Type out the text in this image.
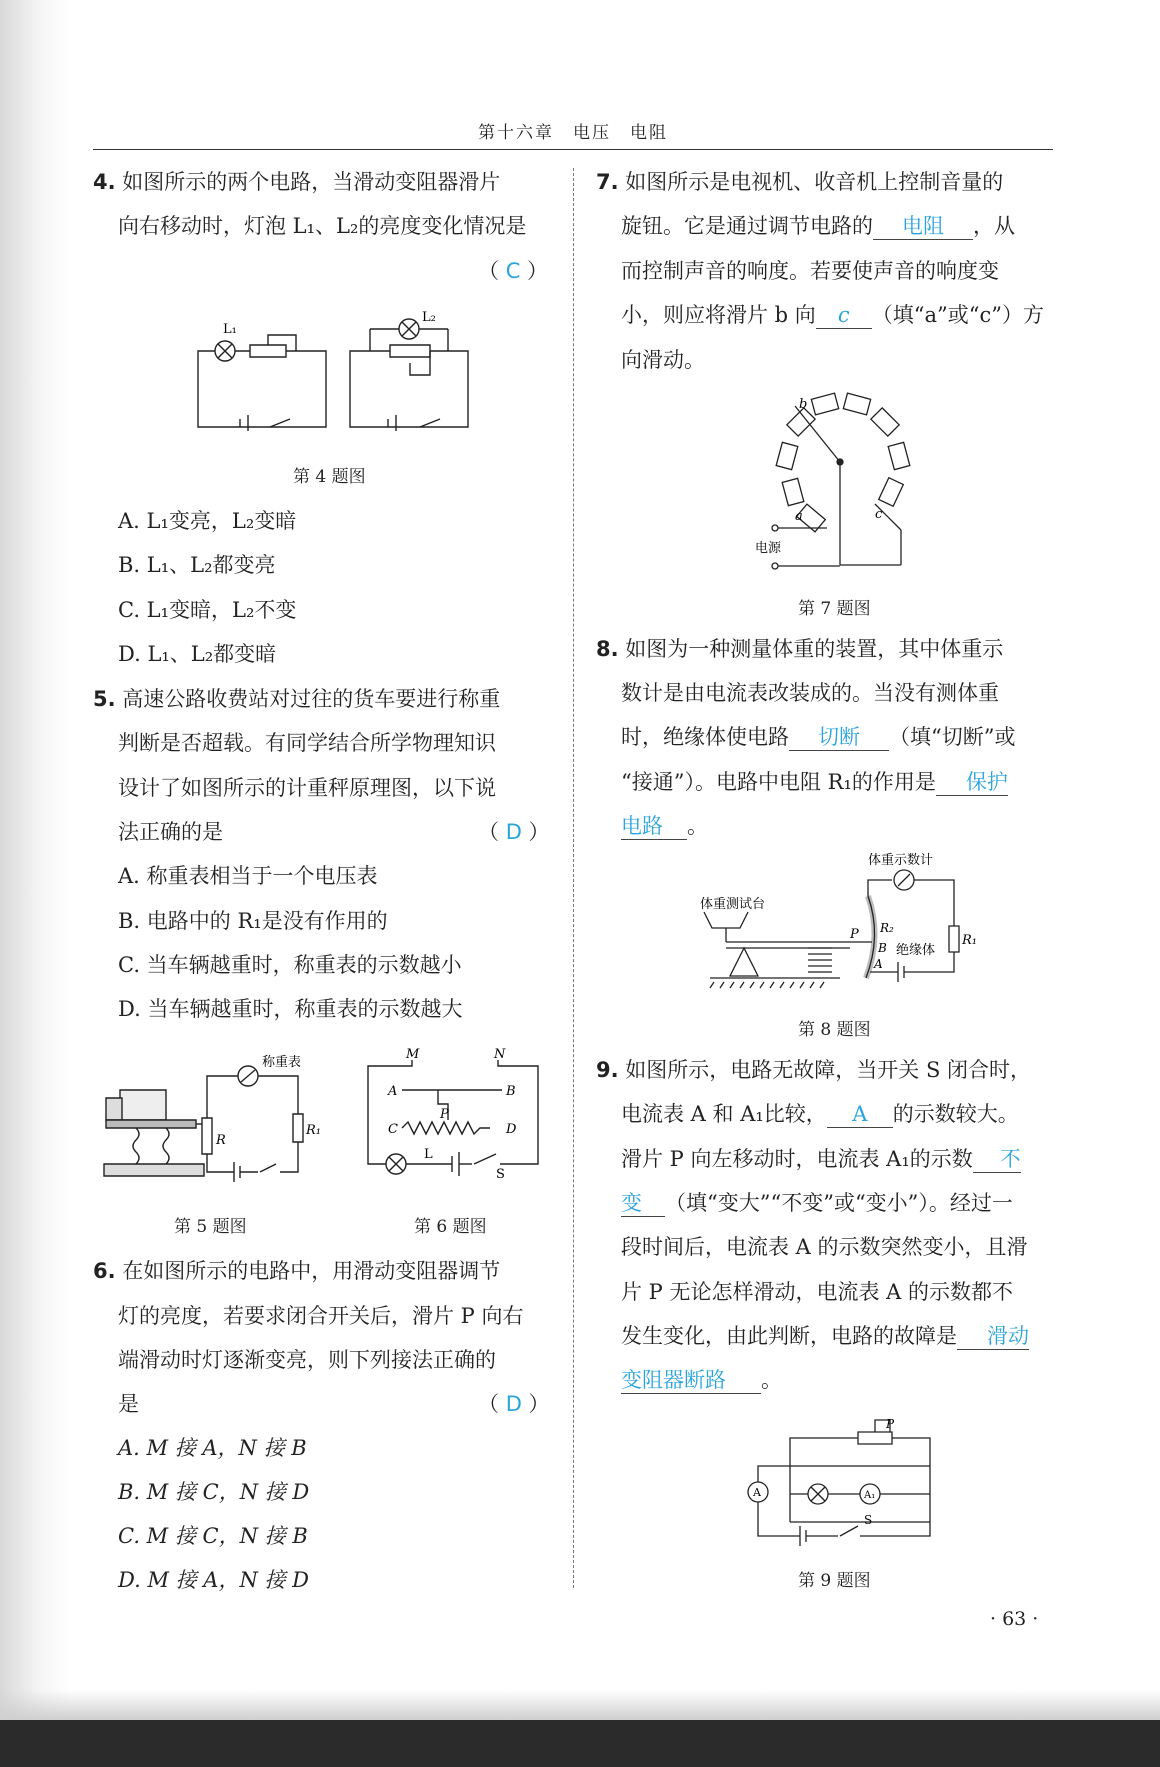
第十六章　电压　电阻
4. 如图所示的两个电路，当滑动变阻器滑片
向右移动时，灯泡 L₁、L₂的亮度变化情况是
（ C ）
L₁
L₂
第 4 题图
A. L₁变亮，L₂变暗
B. L₁、L₂都变亮
C. L₁变暗，L₂不变
D. L₁、L₂都变暗
5. 高速公路收费站对过往的货车要进行称重
判断是否超载。有同学结合所学物理知识
设计了如图所示的计重秤原理图，以下说
法正确的是	（ D ）
A. 称重表相当于一个电压表
B. 电路中的 R₁是没有作用的
C. 当车辆越重时，称重表的示数越小
D. 当车辆越重时，称重表的示数越大
称重表
R
R₁
第 5 题图
M	N
A	B
P
C	D
L
S
第 6 题图
6. 在如图所示的电路中，用滑动变阻器调节
灯的亮度，若要求闭合开关后，滑片 P 向右
端滑动时灯逐渐变亮，则下列接法正确的
是	（ D ）
A. M 接 A，N 接 B
B. M 接 C，N 接 D
C. M 接 C，N 接 B
D. M 接 A，N 接 D
7. 如图所示是电视机、收音机上控制音量的
旋钮。它是通过调节电路的 电阻 ，从
而控制声音的响度。若要使声音的响度变
小，则应将滑片 b 向 c （填“a”或“c”）方
向滑动。
b
a	c
电源
第 7 题图
8. 如图为一种测量体重的装置，其中体重示
数计是由电流表改装成的。当没有测体重
时，绝缘体使电路 切断 （填“切断”或
“接通”）。电路中电阻 R₁的作用是 保护
电路 。
体重示数计
体重测试台
P R₂
B
A
绝缘体
R₁
第 8 题图
9. 如图所示，电路无故障，当开关 S 闭合时，
电流表 A 和 A₁比较， A 的示数较大。
滑片 P 向左移动时，电流表 A₁的示数 不
变 （填“变大”“不变”或“变小”）。经过一
段时间后，电流表 A 的示数突然变小，且滑
片 P 无论怎样滑动，电流表 A 的示数都不
发生变化，由此判断，电路的故障是 滑动
变阻器断路 。
P
A	A₁
S
第 9 题图
· 63 ·
